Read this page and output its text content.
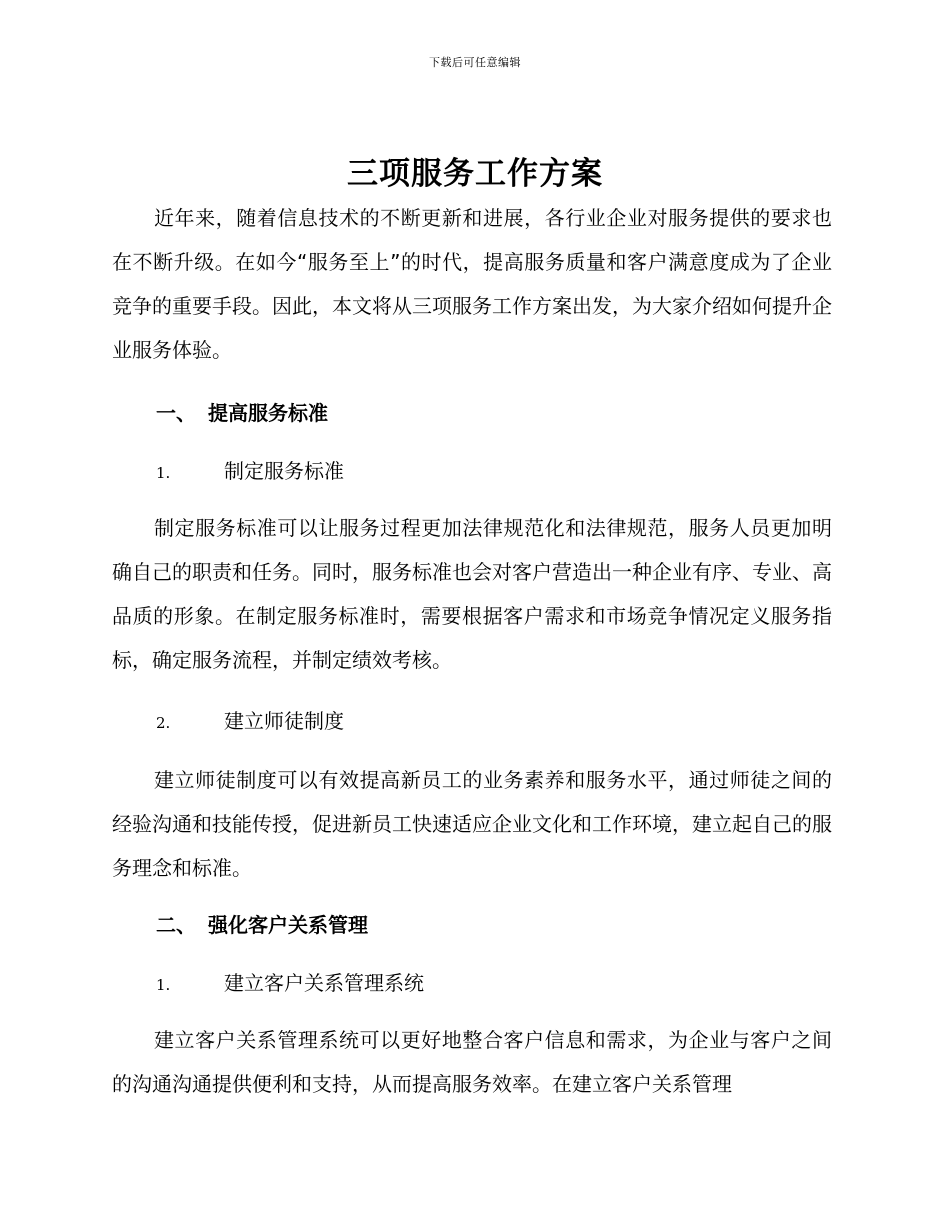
下载后可任意编辑
三项服务工作方案
近年来，随着信息技术的不断更新和进展，各行业企业对服务提供的要求也在不断升级。在如今“服务至上”的时代，提高服务质量和客户满意度成为了企业竞争的重要手段。因此，本文将从三项服务工作方案出发，为大家介绍如何提升企业服务体验。
一、 提高服务标准
1.	制定服务标准
制定服务标准可以让服务过程更加法律规范化和法律规范，服务人员更加明确自己的职责和任务。同时，服务标准也会对客户营造出一种企业有序、专业、高品质的形象。在制定服务标准时，需要根据客户需求和市场竞争情况定义服务指标，确定服务流程，并制定绩效考核。
2.	建立师徒制度
建立师徒制度可以有效提高新员工的业务素养和服务水平，通过师徒之间的经验沟通和技能传授，促进新员工快速适应企业文化和工作环境，建立起自己的服务理念和标准。
二、 强化客户关系管理
1.	建立客户关系管理系统
建立客户关系管理系统可以更好地整合客户信息和需求，为企业与客户之间的沟通沟通提供便利和支持，从而提高服务效率。在建立客户关系管理
